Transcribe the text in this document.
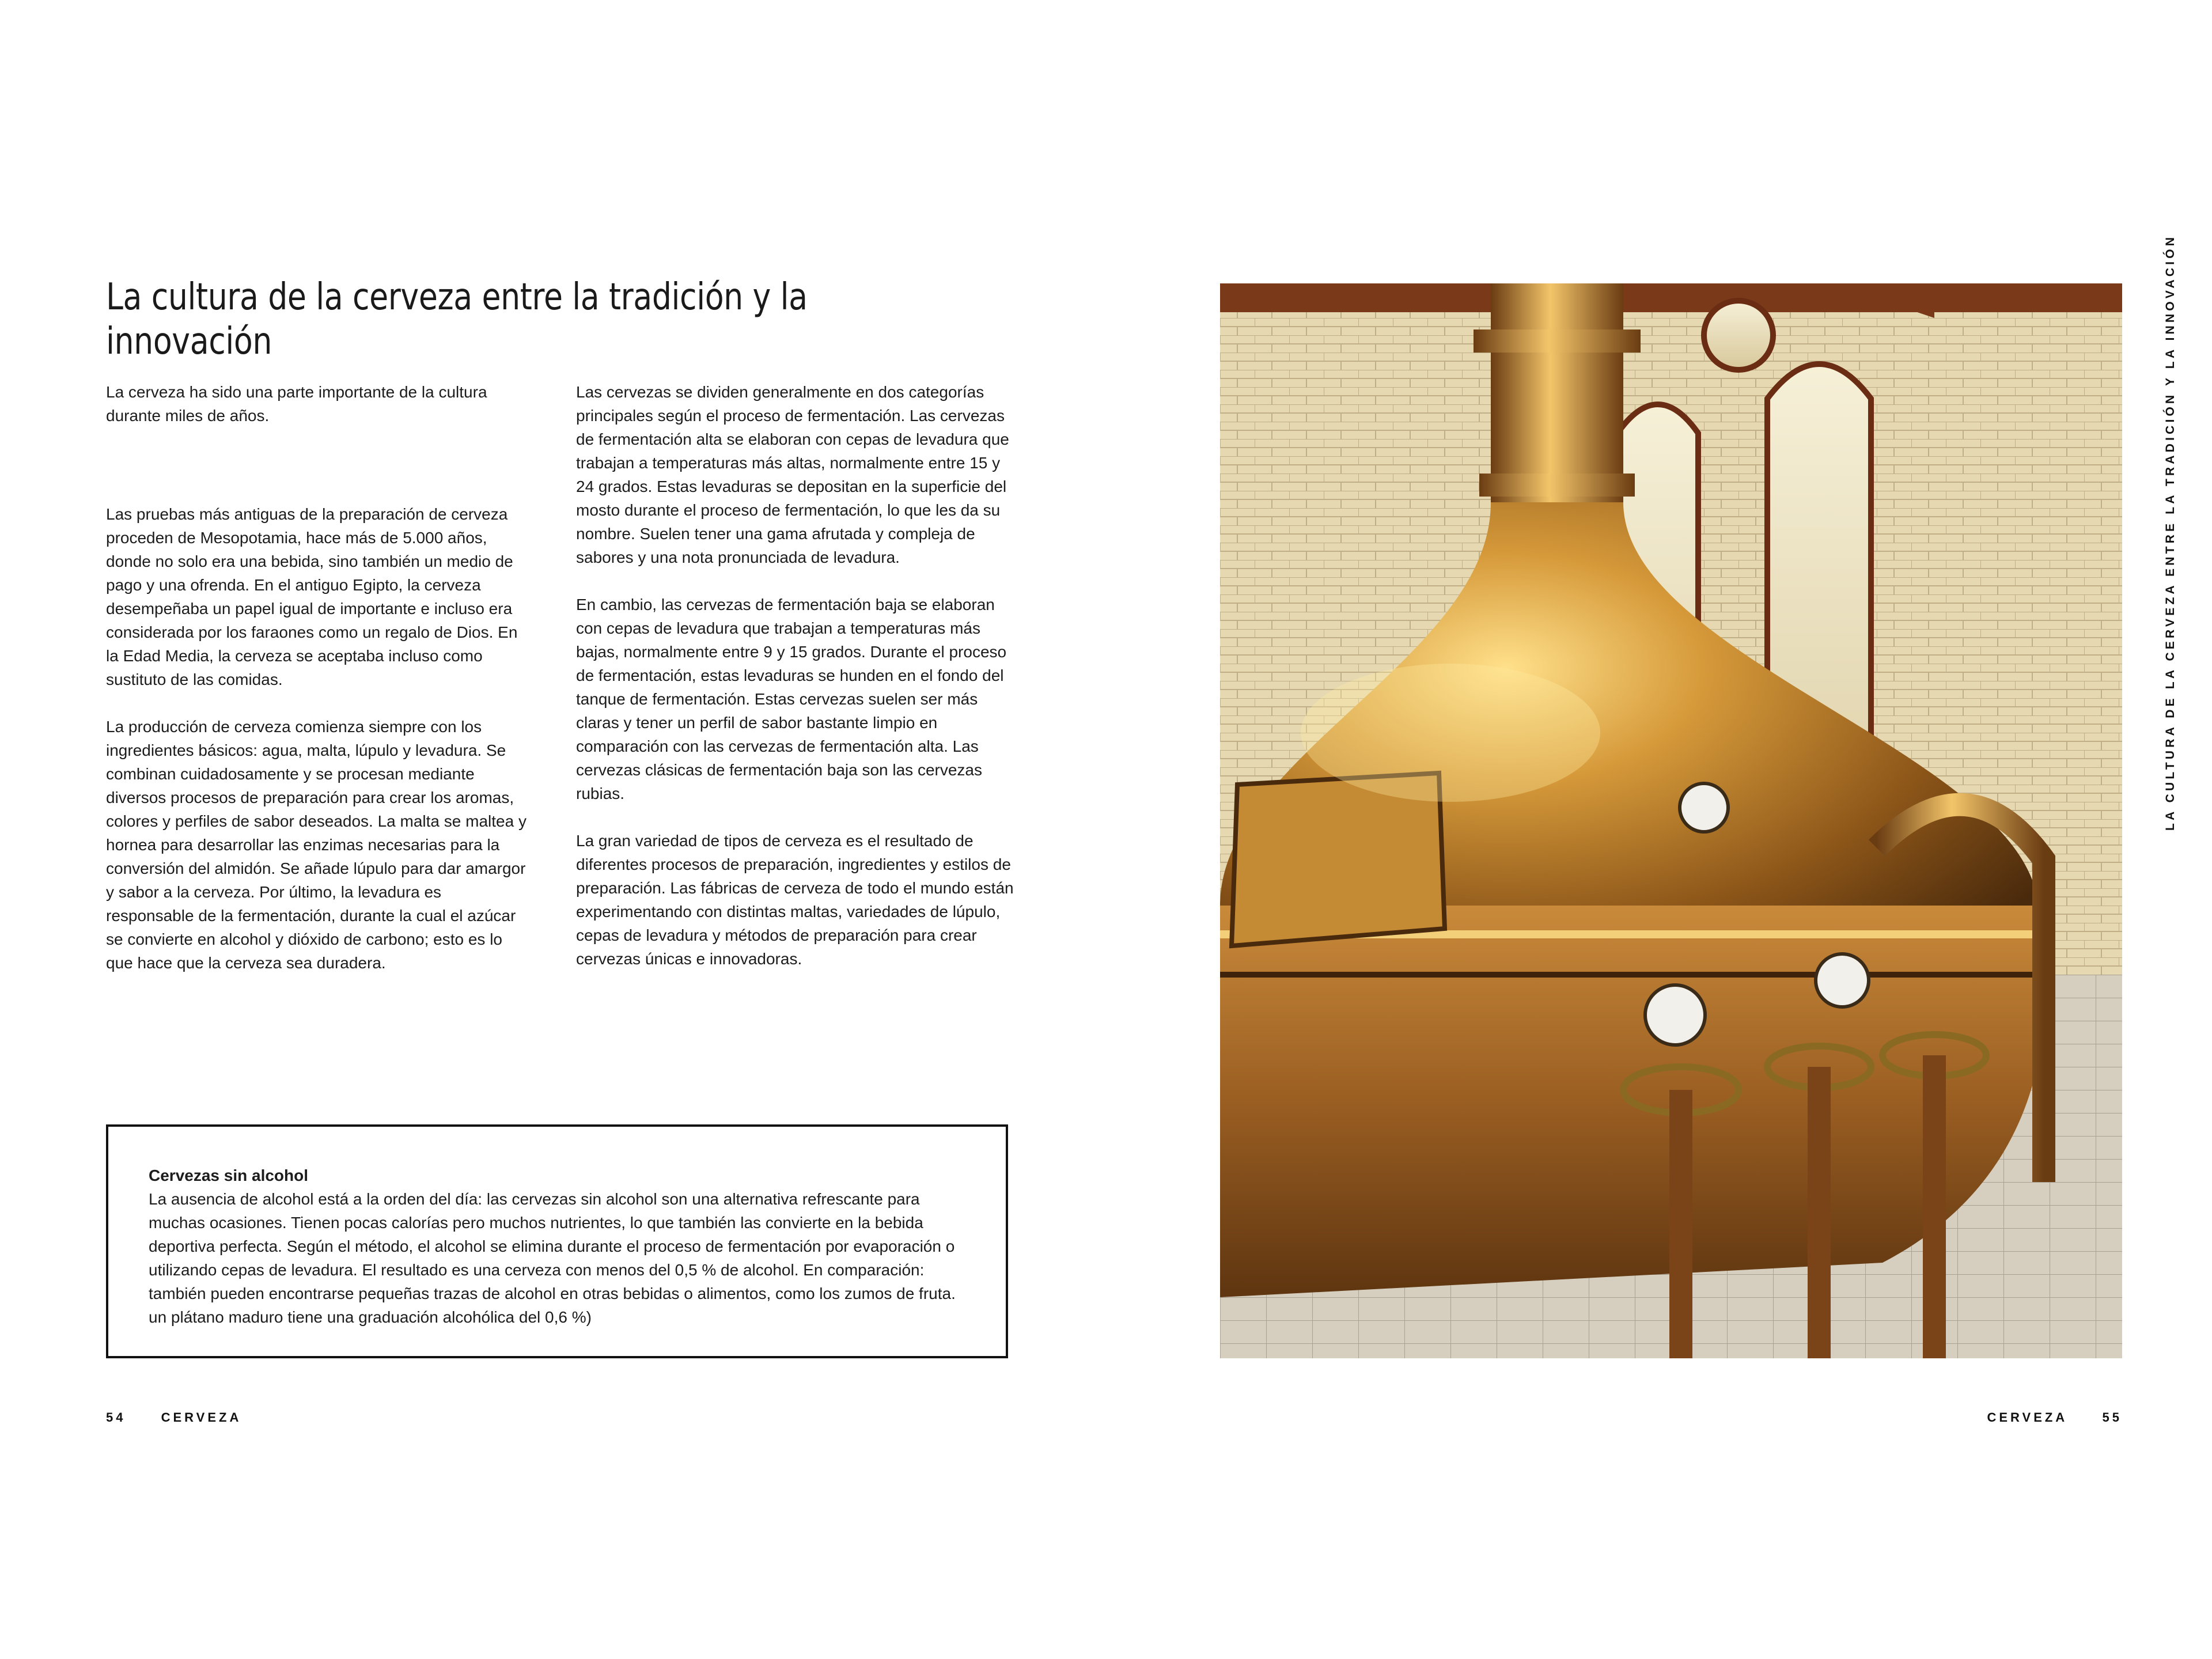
La cultura de la cerveza entre la tradición y la innovación

La cerveza ha sido una parte importante de la cultura durante miles de años.

Las pruebas más antiguas de la preparación de cerveza proceden de Mesopotamia, hace más de 5.000 años, donde no solo era una bebida, sino también un medio de pago y una ofrenda. En el antiguo Egipto, la cerveza desempeñaba un papel igual de importante e incluso era considerada por los faraones como un regalo de Dios. En la Edad Media, la cerveza se aceptaba incluso como sustituto de las comidas.

La producción de cerveza comienza siempre con los ingredientes básicos: agua, malta, lúpulo y levadura. Se combinan cuidadosamente y se procesan mediante diversos procesos de preparación para crear los aromas, colores y perfiles de sabor deseados. La malta se maltea y hornea para desarrollar las enzimas necesarias para la conversión del almidón. Se añade lúpulo para dar amargor y sabor a la cerveza. Por último, la levadura es responsable de la fermentación, durante la cual el azúcar se convierte en alcohol y dióxido de carbono; esto es lo que hace que la cerveza sea duradera.

Las cervezas se dividen generalmente en dos categorías principales según el proceso de fermentación. Las cervezas de fermentación alta se elaboran con cepas de levadura que trabajan a temperaturas más altas, normalmente entre 15 y 24 grados. Estas levaduras se depositan en la superficie del mosto durante el proceso de fermentación, lo que les da su nombre. Suelen tener una gama afrutada y compleja de sabores y una nota pronunciada de levadura.

En cambio, las cervezas de fermentación baja se elaboran con cepas de levadura que trabajan a temperaturas más bajas, normalmente entre 9 y 15 grados. Durante el proceso de fermentación, estas levaduras se hunden en el fondo del tanque de fermentación. Estas cervezas suelen ser más claras y tener un perfil de sabor bastante limpio en comparación con las cervezas de fermentación alta. Las cervezas clásicas de fermentación baja son las cervezas rubias.

La gran variedad de tipos de cerveza es el resultado de diferentes procesos de preparación, ingredientes y estilos de preparación. Las fábricas de cerveza de todo el mundo están experimentando con distintas maltas, variedades de lúpulo, cepas de levadura y métodos de preparación para crear cervezas únicas e innovadoras.

Cervezas sin alcohol

La ausencia de alcohol está a la orden del día: las cervezas sin alcohol son una alternativa refrescante para muchas ocasiones. Tienen pocas calorías pero muchos nutrientes, lo que también las convierte en la bebida deportiva perfecta. Según el método, el alcohol se elimina durante el proceso de fermentación por evaporación o utilizando cepas de levadura. El resultado es una cerveza con menos del 0,5 % de alcohol. En comparación: también pueden encontrarse pequeñas trazas de alcohol en otras bebidas o alimentos, como los zumos de fruta. un plátano maduro tiene una graduación alcohólica del 0,6 %)

54	CERVEZA	CERVEZA	55
LA CULTURA DE LA CERVEZA ENTRE LA TRADICIÓN Y LA INNOVACIÓN
